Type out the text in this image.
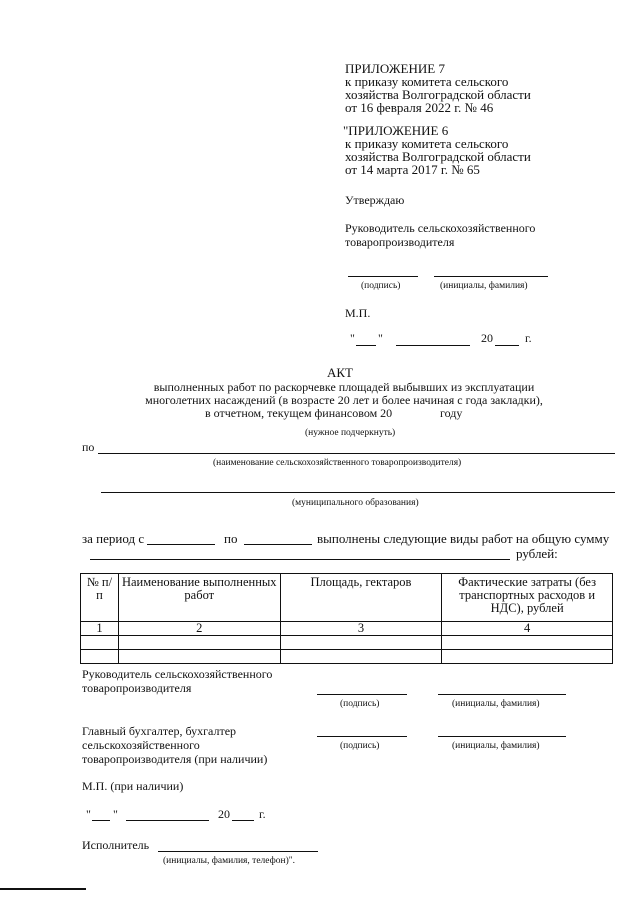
ПРИЛОЖЕНИЕ 7
к приказу комитета сельского
хозяйства Волгоградской области
от 16 февраля 2022 г. № 46
"ПРИЛОЖЕНИЕ 6
к приказу комитета сельского
хозяйства Волгоградской области
от 14 марта 2017 г. № 65
Утверждаю
Руководитель сельскохозяйственного
товаропроизводителя
(подпись)	(инициалы, фамилия)
М.П.
" "	20	г.
АКТ
выполненных работ по раскорчевке площадей выбывших из эксплуатации
многолетних насаждений (в возрасте 20 лет и более начиная с года закладки),
в отчетном, текущем финансовом 20	году
(нужное подчеркнуть)
по
(наименование сельскохозяйственного товаропроизводителя)
(муниципального образования)
за период с	по	выполнены следующие виды работ на общую сумму
рублей:
№ п/п	Наименование выполненных работ	Площадь, гектаров	Фактические затраты (без транспортных расходов и НДС), рублей
1	2	3	4

Руководитель сельскохозяйственного
товаропроизводителя
(подпись)	(инициалы, фамилия)
Главный бухгалтер, бухгалтер
сельскохозяйственного
товаропроизводителя (при наличии)
(подпись)	(инициалы, фамилия)
М.П. (при наличии)
" "	20 г.
Исполнитель
(инициалы, фамилия, телефон)".
